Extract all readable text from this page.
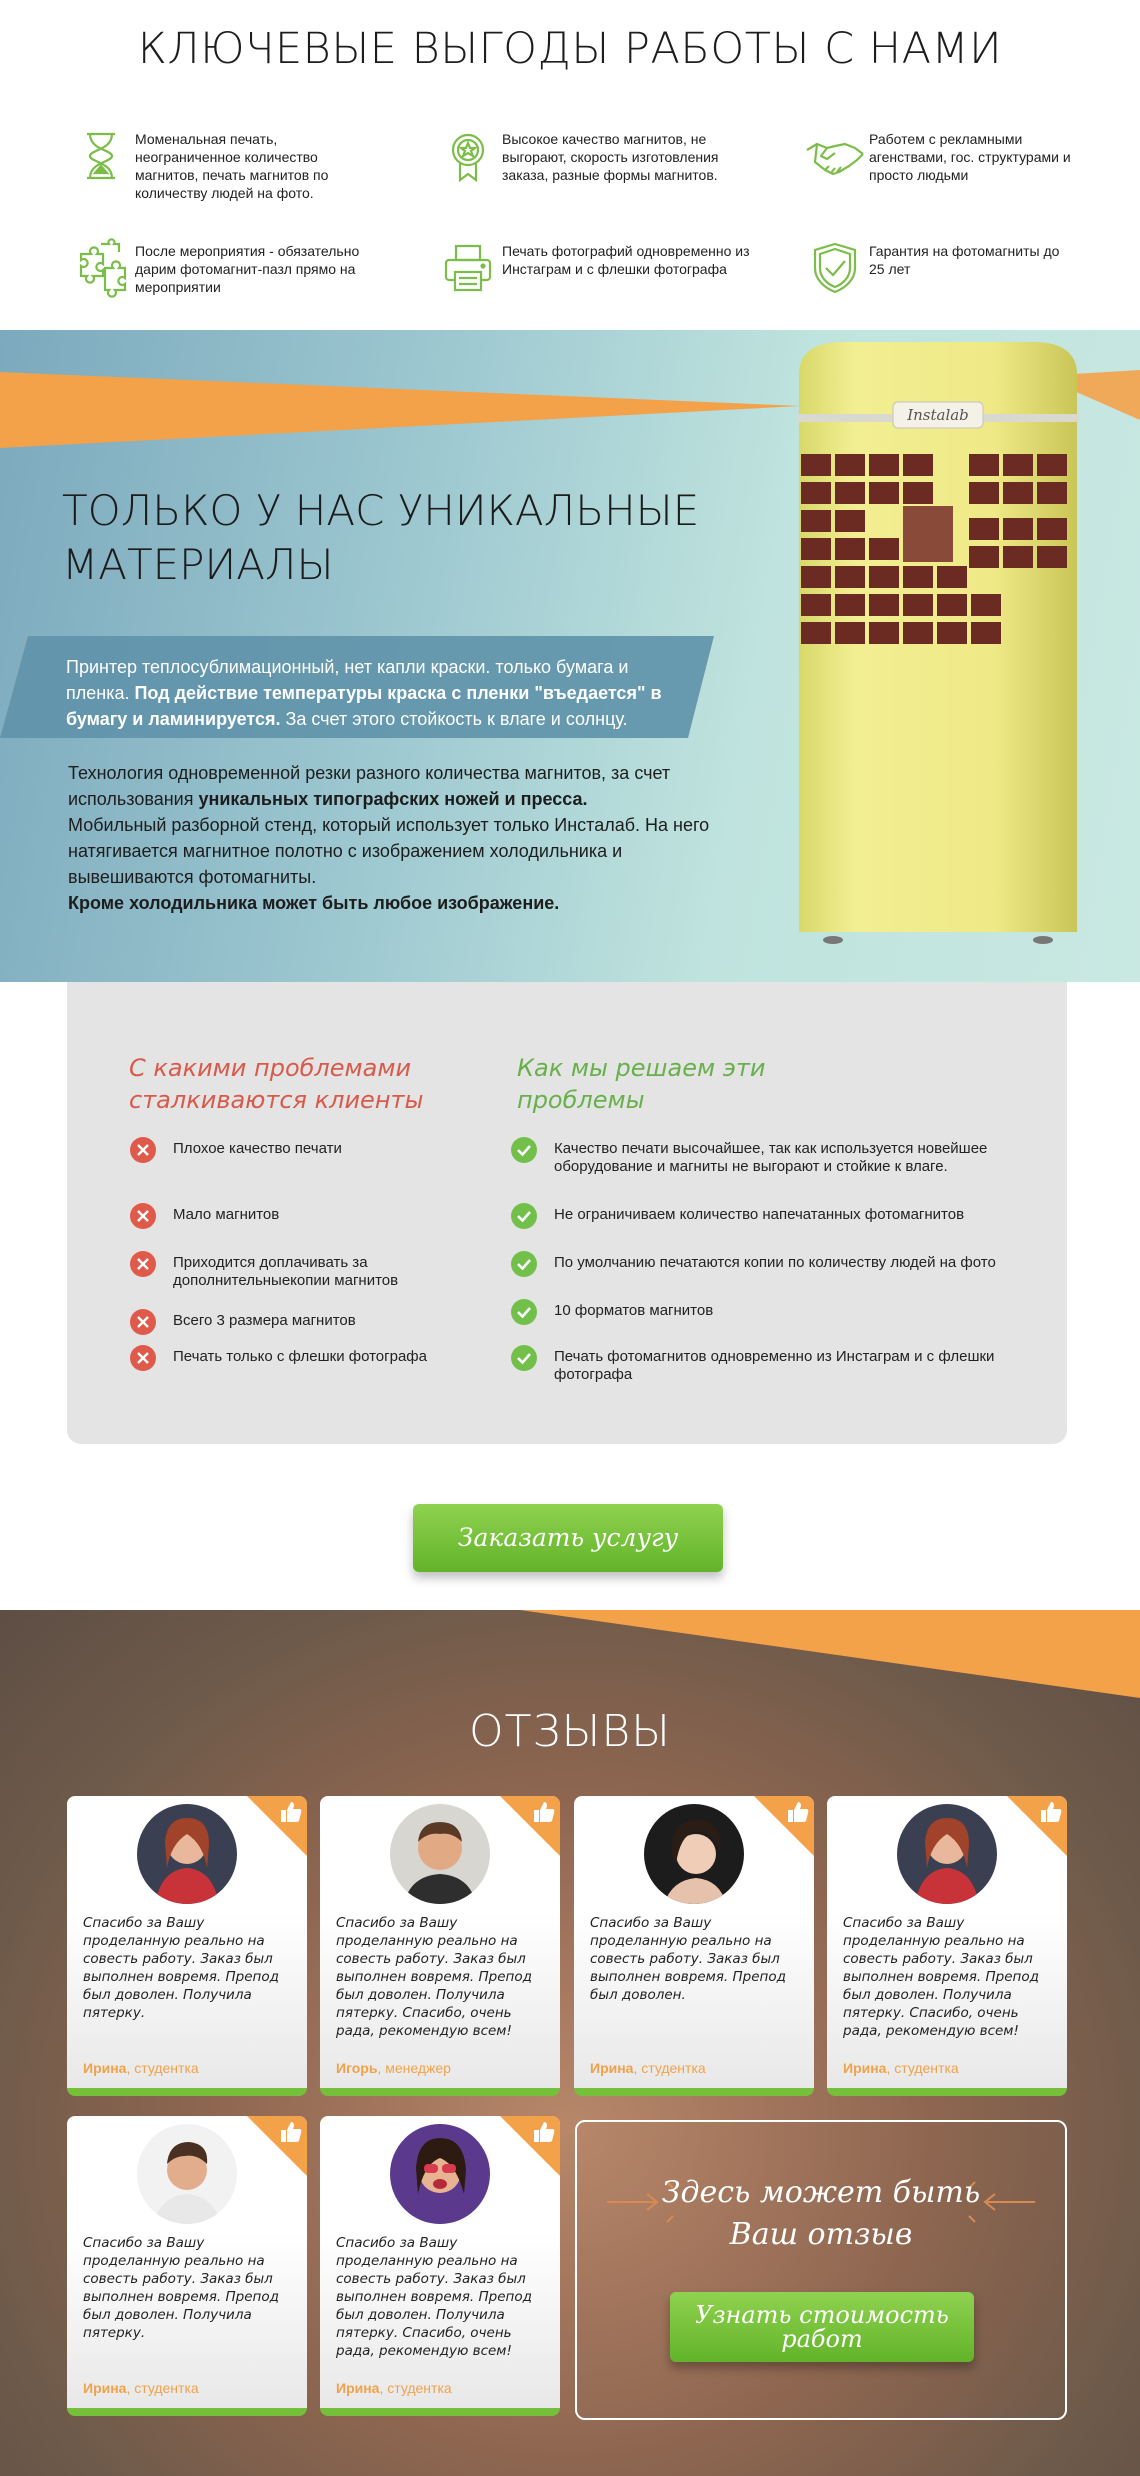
КЛЮЧЕВЫЕ ВЫГОДЫ РАБОТЫ С НАМИ
Моменальная печать, неограниченное количество магнитов, печать магнитов по количеству людей на фото.
Высокое качество магнитов, не выгорают, скорость изготовления заказа, разные формы магнитов.
Работем с рекламными агенствами, гос. структурами и просто людьми
После мероприятия - обязательно дарим фотомагнит-пазл прямо на мероприятии
Печать фотографий одновременно из Инстаграм и с флешки фотографа
Гарантия на фотомагниты до 25 лет
ТОЛЬКО У НАС УНИКАЛЬНЫЕ
МАТЕРИАЛЫ

Принтер теплосублимационный, нет капли краски. только бумага и пленка. Под действие температуры краска с пленки "въедается" в бумагу и ламинируется. За счет этого стойкость к влаге и солнцу.

Технология одновременной резки разного количества магнитов, за счет использования уникальных типографских ножей и пресса.
Мобильный разборной стенд, который использует только Инсталаб. На него натягивается магнитное полотно с изображением холодильника и вывешиваются фотомагниты.
Кроме холодильника может быть любое изображение.
Instalab
С какими проблемами сталкиваются клиенты
Как мы решаем эти проблемы
Плохое качество печати
Мало магнитов
Приходится доплачивать за дополнительныекопии магнитов
Всего 3 размера магнитов
Печать только с флешки фотографа
Качество печати высочайшее, так как используется новейшее оборудование и магниты не выгорают и стойкие к влаге.
Не ограничиваем количество напечатанных фотомагнитов
По умолчанию печатаются копии по количеству людей на фото
10 форматов магнитов
Печать фотомагнитов одновременно из Инстаграм и с флешки фотографа
Заказать услугу
ОТЗЫВЫ
Спасибо за Вашу проделанную реально на совесть работу. Заказ был выполнен вовремя. Препод был доволен. Получила пятерку.
Ирина, студентка
Спасибо за Вашу проделанную реально на совесть работу. Заказ был выполнен вовремя. Препод был доволен. Получила пятерку. Спасибо, очень рада, рекомендую всем!
Игорь, менеджер
Спасибо за Вашу проделанную реально на совесть работу. Заказ был выполнен вовремя. Препод был доволен.
Ирина, студентка
Спасибо за Вашу проделанную реально на совесть работу. Заказ был выполнен вовремя. Препод был доволен. Получила пятерку. Спасибо, очень рада, рекомендую всем!
Ирина, студентка
Спасибо за Вашу проделанную реально на совесть работу. Заказ был выполнен вовремя. Препод был доволен. Получила пятерку.
Ирина, студентка
Спасибо за Вашу проделанную реально на совесть работу. Заказ был выполнен вовремя. Препод был доволен. Получила пятерку. Спасибо, очень рада, рекомендую всем!
Ирина, студентка
Здесь может быть
Ваш отзыв
Узнать стоимость
работ
